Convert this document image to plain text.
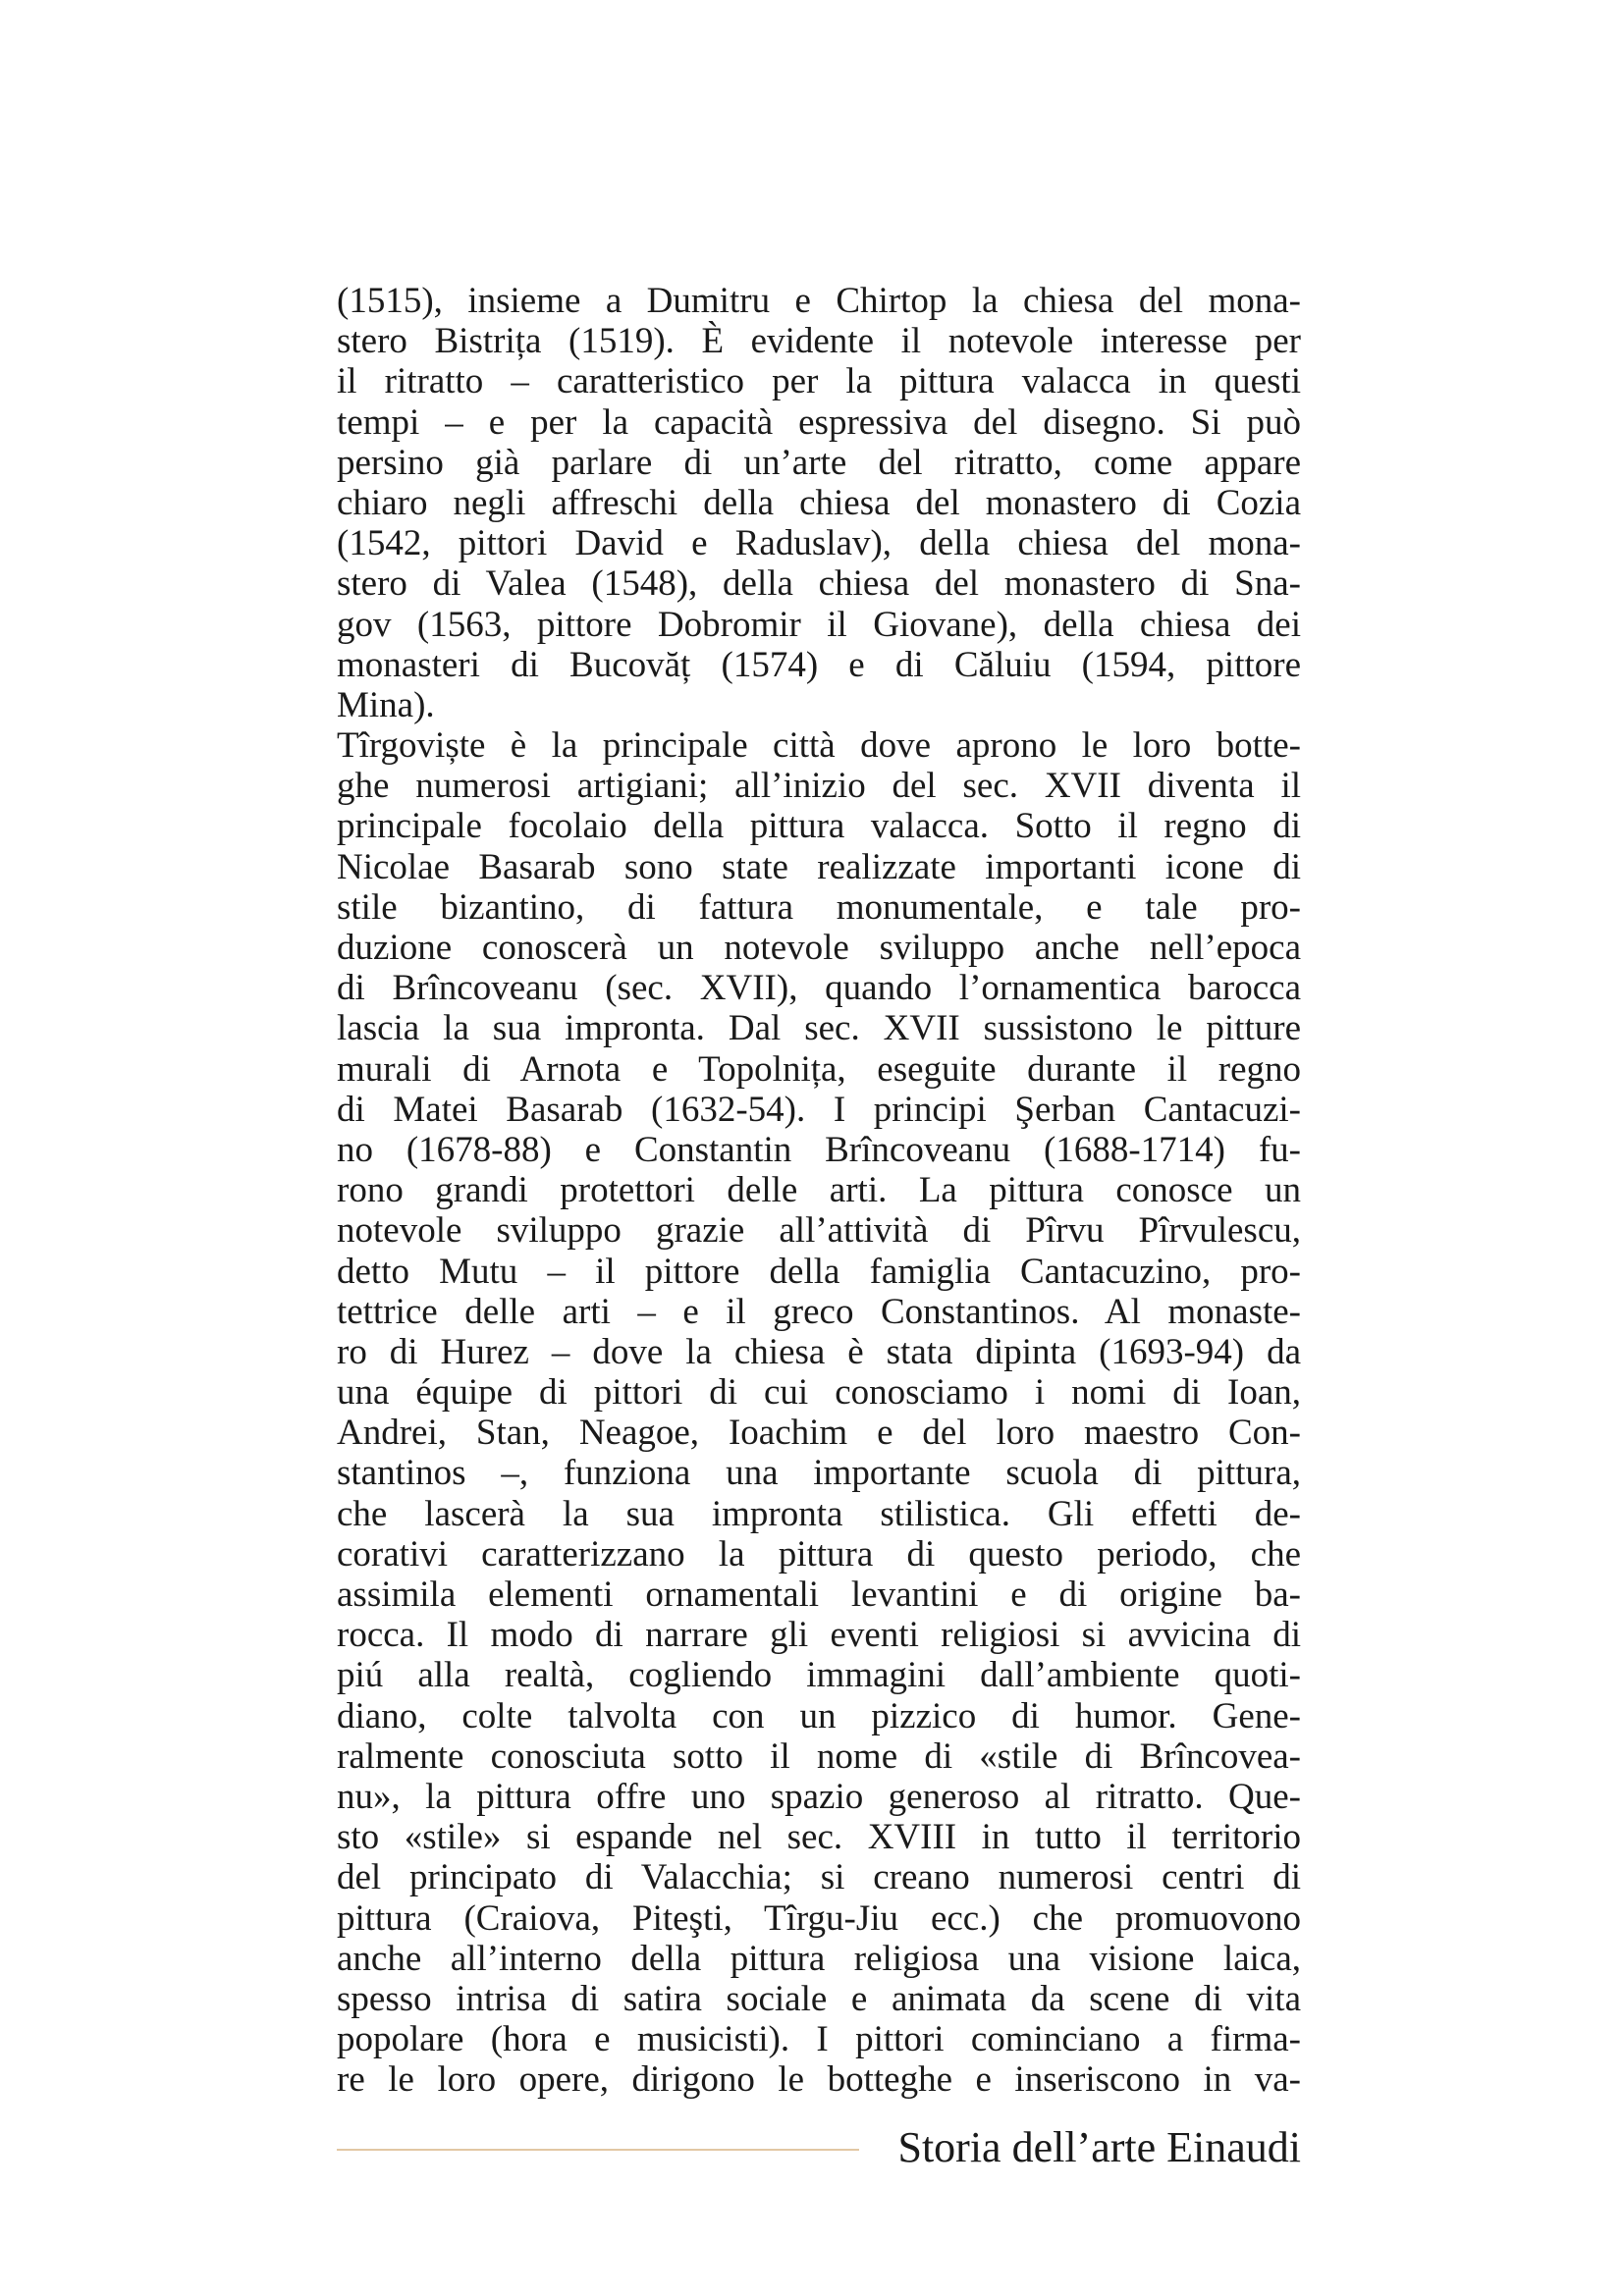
(1515), insieme a Dumitru e Chirtop la chiesa del mona-
stero Bistrița (1519). È evidente il notevole interesse per
il ritratto – caratteristico per la pittura valacca in questi
tempi – e per la capacità espressiva del disegno. Si può
persino già parlare di un’arte del ritratto, come appare
chiaro negli affreschi della chiesa del monastero di Cozia
(1542, pittori David e Raduslav), della chiesa del mona-
stero di Valea (1548), della chiesa del monastero di Sna-
gov (1563, pittore Dobromir il Giovane), della chiesa dei
monasteri di Bucovăț (1574) e di Căluiu (1594, pittore
Mina).
Tîrgoviște è la principale città dove aprono le loro botte-
ghe numerosi artigiani; all’inizio del sec. XVII diventa il
principale focolaio della pittura valacca. Sotto il regno di
Nicolae Basarab sono state realizzate importanti icone di
stile bizantino, di fattura monumentale, e tale pro-
duzione conoscerà un notevole sviluppo anche nell’epoca
di Brîncoveanu (sec. XVII), quando l’ornamentica barocca
lascia la sua impronta. Dal sec. XVII sussistono le pitture
murali di Arnota e Topolnița, eseguite durante il regno
di Matei Basarab (1632-54). I principi Şerban Cantacuzi-
no (1678-88) e Constantin Brîncoveanu (1688-1714) fu-
rono grandi protettori delle arti. La pittura conosce un
notevole sviluppo grazie all’attività di Pîrvu Pîrvulescu,
detto Mutu – il pittore della famiglia Cantacuzino, pro-
tettrice delle arti – e il greco Constantinos. Al monaste-
ro di Hurez – dove la chiesa è stata dipinta (1693-94) da
una équipe di pittori di cui conosciamo i nomi di Ioan,
Andrei, Stan, Neagoe, Ioachim e del loro maestro Con-
stantinos –, funziona una importante scuola di pittura,
che lascerà la sua impronta stilistica. Gli effetti de-
corativi caratterizzano la pittura di questo periodo, che
assimila elementi ornamentali levantini e di origine ba-
rocca. Il modo di narrare gli eventi religiosi si avvicina di
piú alla realtà, cogliendo immagini dall’ambiente quoti-
diano, colte talvolta con un pizzico di humor. Gene-
ralmente conosciuta sotto il nome di «stile di Brîncovea-
nu», la pittura offre uno spazio generoso al ritratto. Que-
sto «stile» si espande nel sec. XVIII in tutto il territorio
del principato di Valacchia; si creano numerosi centri di
pittura (Craiova, Piteşti, Tîrgu-Jiu ecc.) che promuovono
anche all’interno della pittura religiosa una visione laica,
spesso intrisa di satira sociale e animata da scene di vita
popolare (hora e musicisti). I pittori cominciano a firma-
re le loro opere, dirigono le botteghe e inseriscono in va-
Storia dell’arte Einaudi
